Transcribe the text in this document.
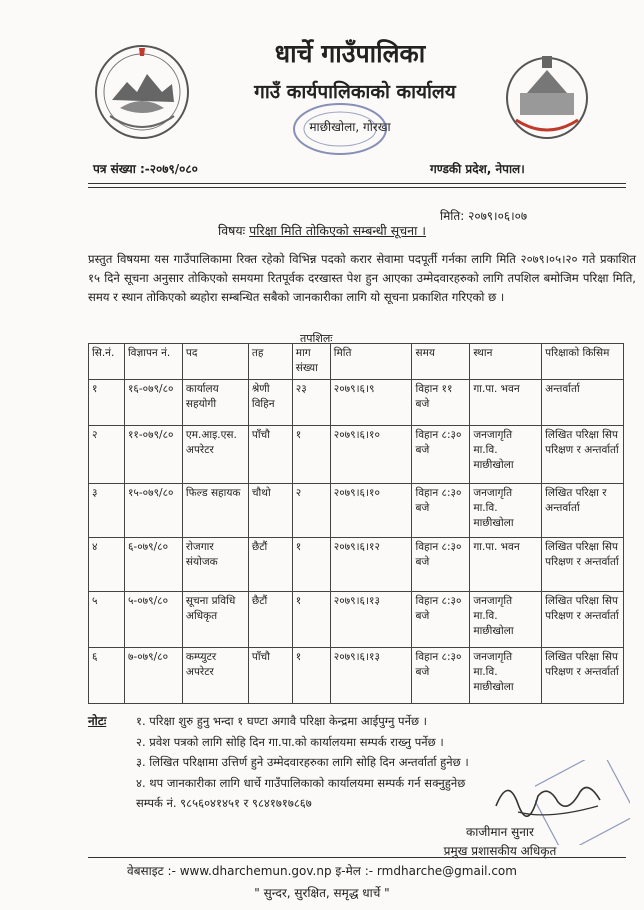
धार्चे गाउँपालिका
गाउँ कार्यपालिकाको कार्यालय
माछीखोला, गोरखा
पत्र संख्या :-२०७९/०८०	गण्डकी प्रदेश, नेपाल।
मिति: २०७९।०६।०७
विषयः परिक्षा मिति तोकिएको सम्बन्धी सूचना ।
प्रस्तुत विषयमा यस गाउँपालिकामा रिक्त रहेको विभिन्न पदको करार सेवामा पदपूर्ती गर्नका लागि मिति २०७९।०५।२० गते प्रकाशित १५ दिने सूचना अनुसार तोकिएको समयमा रितपूर्वक दरखास्त पेश हुन आएका उम्मेदवारहरुको लागि तपशिल बमोजिम परिक्षा मिति, समय र स्थान तोकिएको ब्यहोरा सम्बन्धित सबैको जानकारीका लागि यो सूचना प्रकाशित गरिएको छ ।
तपशिलः
सि.नं.	विज्ञापन नं.	पद	तह	माग संख्या	मिति	समय	स्थान	परिक्षाको किसिम
१	१६-०७९/८०	कार्यालय सहयोगी	श्रेणी विहिन	२३	२०७९।६।९	विहान ११ बजे	गा.पा. भवन	अन्तर्वार्ता
२	११-०७९/८०	एम.आइ.एस. अपरेटर	पाँचौ	१	२०७९।६।१०	विहान ८:३० बजे	जनजागृति मा.वि. माछीखोला	लिखित परिक्षा सिप परिक्षण र अन्तर्वार्ता
३	१५-०७९/८०	फिल्ड सहायक	चौथो	२	२०७९।६।१०	विहान ८:३० बजे	जनजागृति मा.वि. माछीखोला	लिखित परिक्षा र अन्तर्वार्ता
४	६-०७९/८०	रोजगार संयोजक	छैटौं	१	२०७९।६।१२	विहान ८:३० बजे	गा.पा. भवन	लिखित परिक्षा सिप परिक्षण र अन्तर्वार्ता
५	५-०७९/८०	सूचना प्रविधि अधिकृत	छैटौं	१	२०७९।६।१३	विहान ८:३० बजे	जनजागृति मा.वि. माछीखोला	लिखित परिक्षा सिप परिक्षण र अन्तर्वार्ता
६	७-०७९/८०	कम्प्युटर अपरेटर	पाँचौ	१	२०७९।६।१३	विहान ८:३० बजे	जनजागृति मा.वि. माछीखोला	लिखित परिक्षा सिप परिक्षण र अन्तर्वार्ता
नोटः	१. परिक्षा शुरु हुनु भन्दा १ घण्टा अगावै परिक्षा केन्द्रमा आईपुग्नु पर्नेछ ।
२. प्रवेश पत्रको लागि सोहि दिन गा.पा.को कार्यालयमा सम्पर्क राख्नु पर्नेछ ।
३. लिखित परिक्षामा उत्तिर्ण हुने उम्मेदवारहरुका लागि सोहि दिन अन्तर्वार्ता हुनेछ ।
४. थप जानकारीका लागि धार्चे गाउँपालिकाको कार्यालयमा सम्पर्क गर्न सक्नुहुनेछ
सम्पर्क नं. ९८५६०४१४५१ र ९८४१७१७८६७
काजीमान सुनार
प्रमुख प्रशासकीय अधिकृत
वेबसाइट :- www.dharchemun.gov.np इ-मेल :- rmdharche@gmail.com
" सुन्दर, सुरक्षित, समृद्ध धार्चे "
